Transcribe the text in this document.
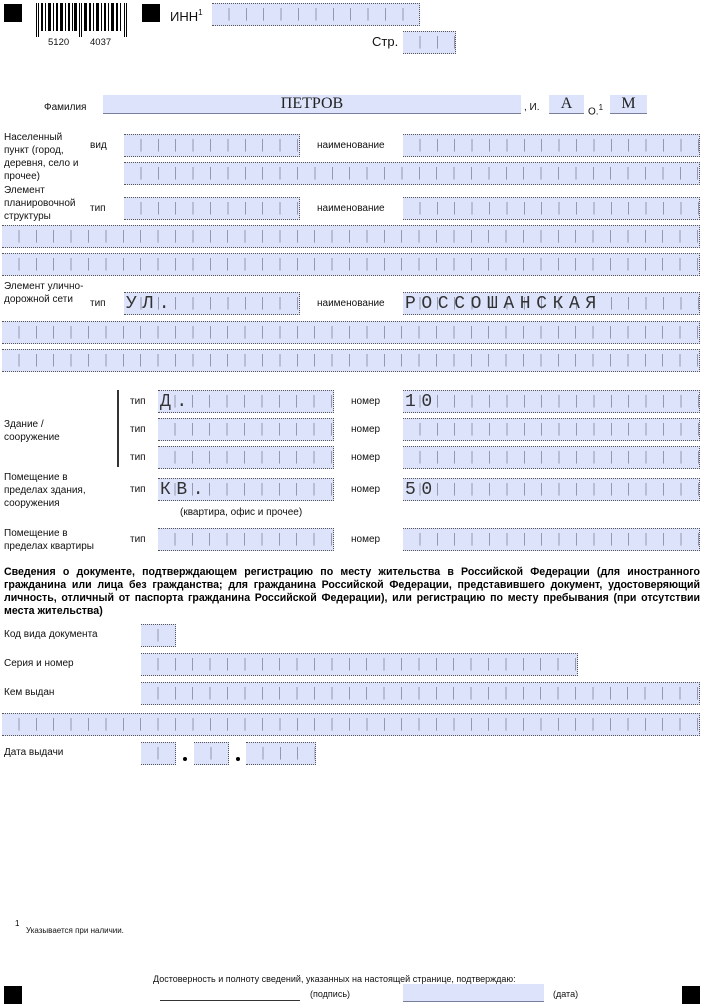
5120 4037
ИНН$^1$
Стр.
Фамилия	ПЕТРОВ	, И.	А	О.$^1$	М
Населенный пункт (город, деревня, село и прочее)
вид	наименование
Элемент планировочной структуры
тип	наименование
Элемент улично-дорожной сети	тип УЛ.	наименование РОССОШАНСКАЯ
Здание / сооружение
тип Д.	номер 10
тип	номер
тип	номер
Помещение в пределах здания, сооружения
тип КВ.	номер 50
(квартира, офис и прочее)
Помещение в пределах квартиры
тип	номер
Сведения о документе, подтверждающем регистрацию по месту жительства в Российской Федерации (для иностранного гражданина или лица без гражданства; для гражданина Российской Федерации, представившего документ, удостоверяющий личность, отличный от паспорта гражданина Российской Федерации), или регистрацию по месту пребывания (при отсутствии места жительства)
Код вида документа
Серия и номер
Кем выдан
Дата выдачи
1
Указывается при наличии.
Достоверность и полноту сведений, указанных на настоящей странице, подтверждаю:
(подпись)	(дата)
